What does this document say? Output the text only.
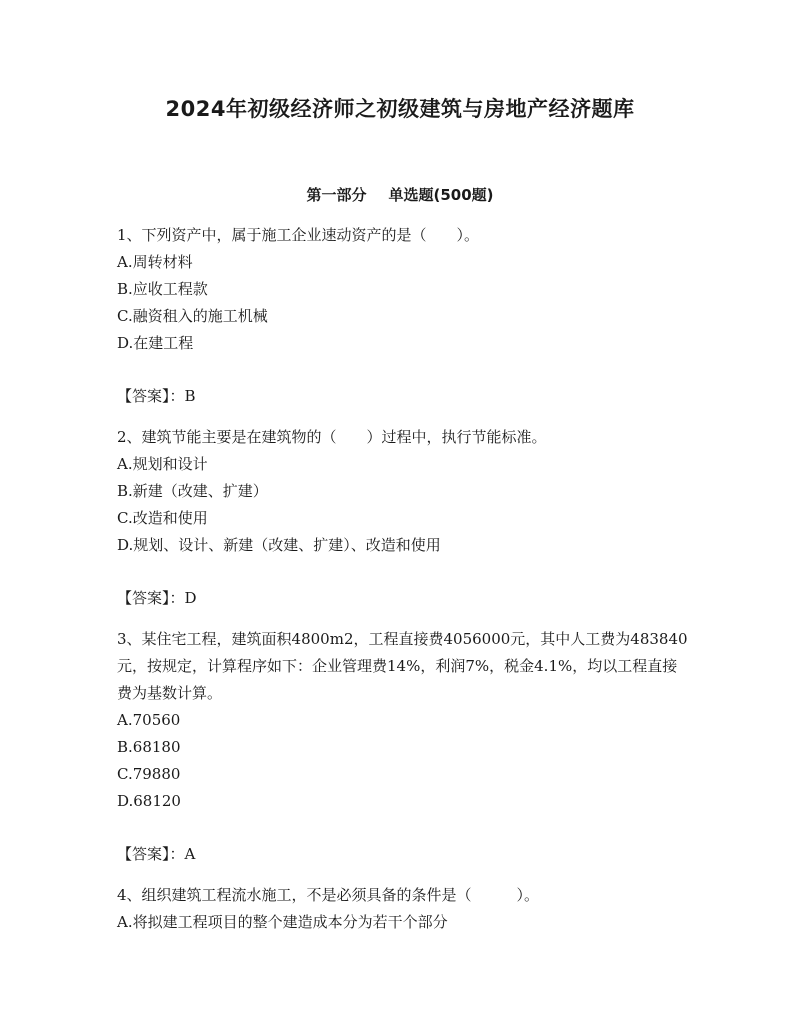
2024年初级经济师之初级建筑与房地产经济题库
第一部分 单选题(500题)

1、下列资产中，属于施工企业速动资产的是（　　）。

A.周转材料

B.应收工程款

C.融资租入的施工机械

D.在建工程

【答案】：B

2、建筑节能主要是在建筑物的（　　）过程中，执行节能标准。

A.规划和设计

B.新建（改建、扩建）

C.改造和使用

D.规划、设计、新建（改建、扩建）、改造和使用

【答案】：D

3、某住宅工程，建筑面积4800m2，工程直接费4056000元，其中人工费为483840元，按规定，计算程序如下：企业管理费14%，利润7%，税金4.1%，均以工程直接费为基数计算。

A.70560

B.68180

C.79880

D.68120

【答案】：A

4、组织建筑工程流水施工，不是必须具备的条件是（　　　）。

A.将拟建工程项目的整个建造成本分为若干个部分
